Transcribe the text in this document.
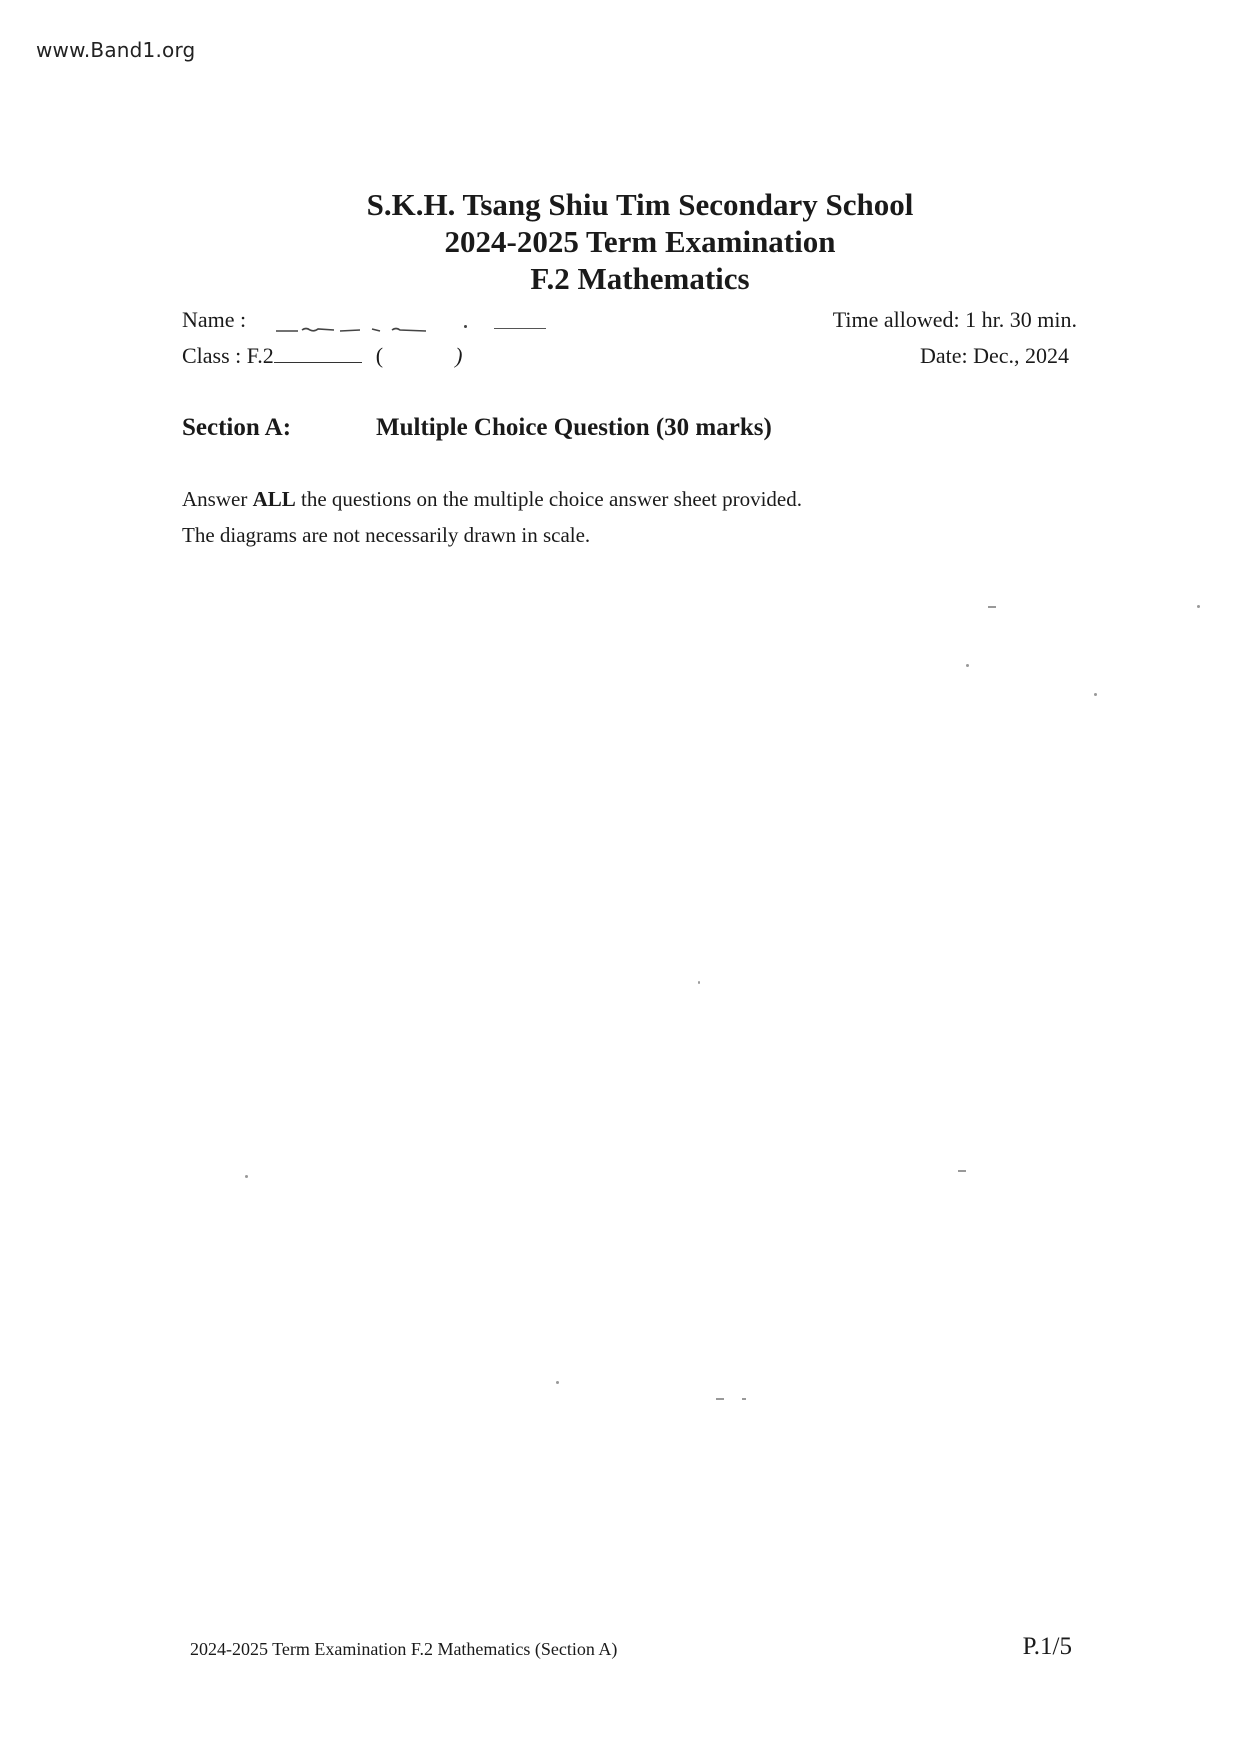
www.Band1.org
S.K.H. Tsang Shiu Tim Secondary School
2024-2025 Term Examination
F.2 Mathematics
Name :
Class : F.2	(	)
Time allowed: 1 hr. 30 min.
Date: Dec., 2024
Section A:	Multiple Choice Question (30 marks)
Answer ALL the questions on the multiple choice answer sheet provided.
The diagrams are not necessarily drawn in scale.
2024-2025 Term Examination F.2 Mathematics (Section A)	P.1/5
